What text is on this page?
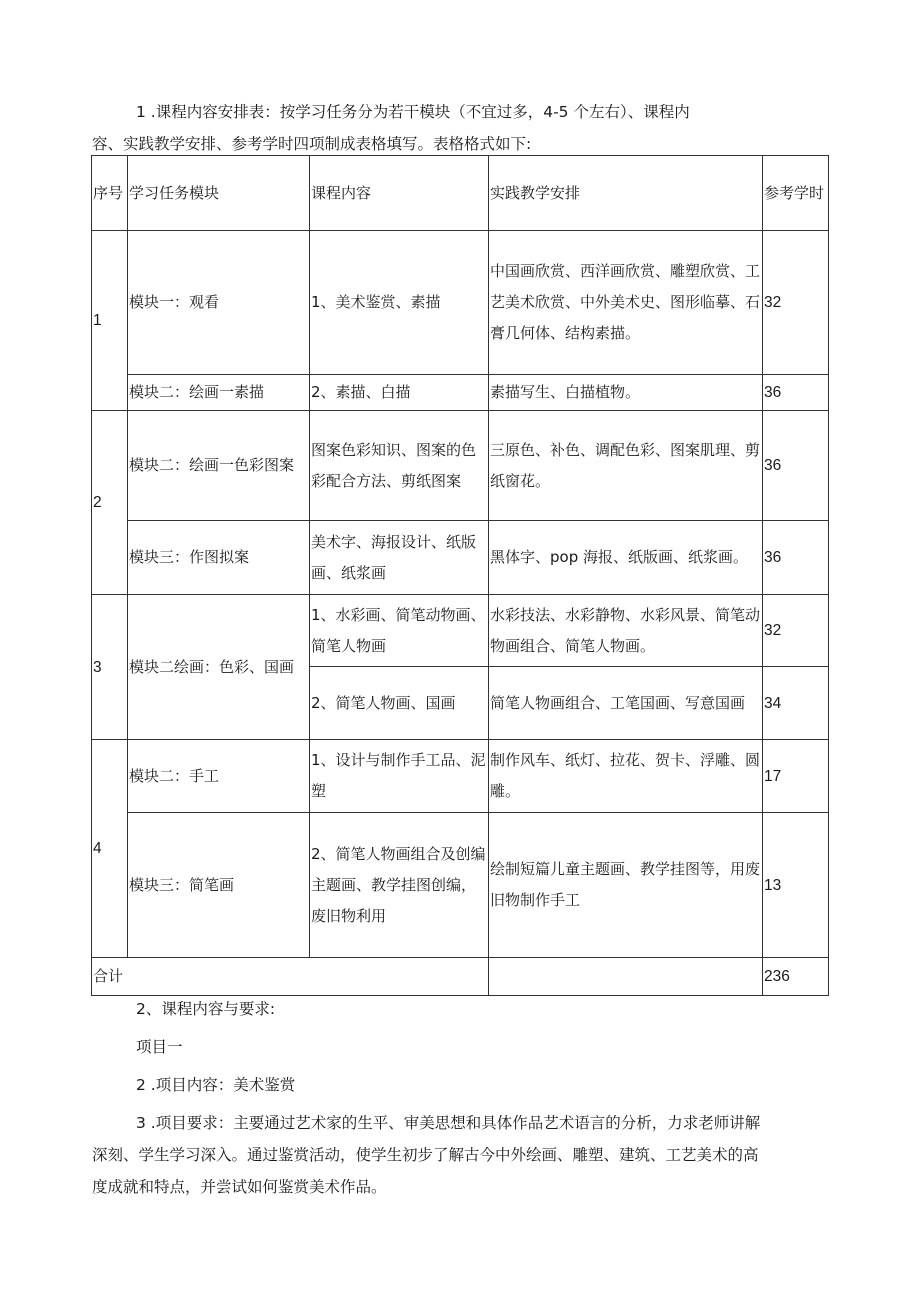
1 .课程内容安排表：按学习任务分为若干模块（不宜过多，4-5 个左右）、课程内
容、实践教学安排、参考学时四项制成表格填写。表格格式如下:
序号	学习任务模块	课程内容	实践教学安排	参考学时
1	模块一：观看	1、美术鉴赏、素描	中国画欣赏、西洋画欣赏、雕塑欣赏、工艺美术欣赏、中外美术史、图形临摹、石膏几何体、结构素描。	32
	模块二：绘画一素描	2、素描、白描	素描写生、白描植物。	36
2	模块二：绘画一色彩图案	图案色彩知识、图案的色彩配合方法、剪纸图案	三原色、补色、调配色彩、图案肌理、剪纸窗花。	36
	模块三：作图拟案	美术字、海报设计、纸版画、纸浆画	黑体字、pop 海报、纸版画、纸浆画。	36
3	模块二绘画：色彩、国画	1、水彩画、简笔动物画、简笔人物画	水彩技法、水彩静物、水彩风景、简笔动物画组合、简笔人物画。	32
		2、简笔人物画、国画	简笔人物画组合、工笔国画、写意国画	34
4	模块二：手工	1、设计与制作手工品、泥塑	制作风车、纸灯、拉花、贺卡、浮雕、圆雕。	17
	模块三：简笔画	2、简笔人物画组合及创编主题画、教学挂图创编，废旧物利用	绘制短篇儿童主题画、教学挂图等，用废旧物制作手工	13
合计				236

2、课程内容与要求:

项目一

2 .项目内容：美术鉴赏

3 .项目要求：主要通过艺术家的生平、审美思想和具体作品艺术语言的分析，力求老师讲解

深刻、学生学习深入。通过鉴赏活动，使学生初步了解古今中外绘画、雕塑、建筑、工艺美术的高

度成就和特点，并尝试如何鉴赏美术作品。
